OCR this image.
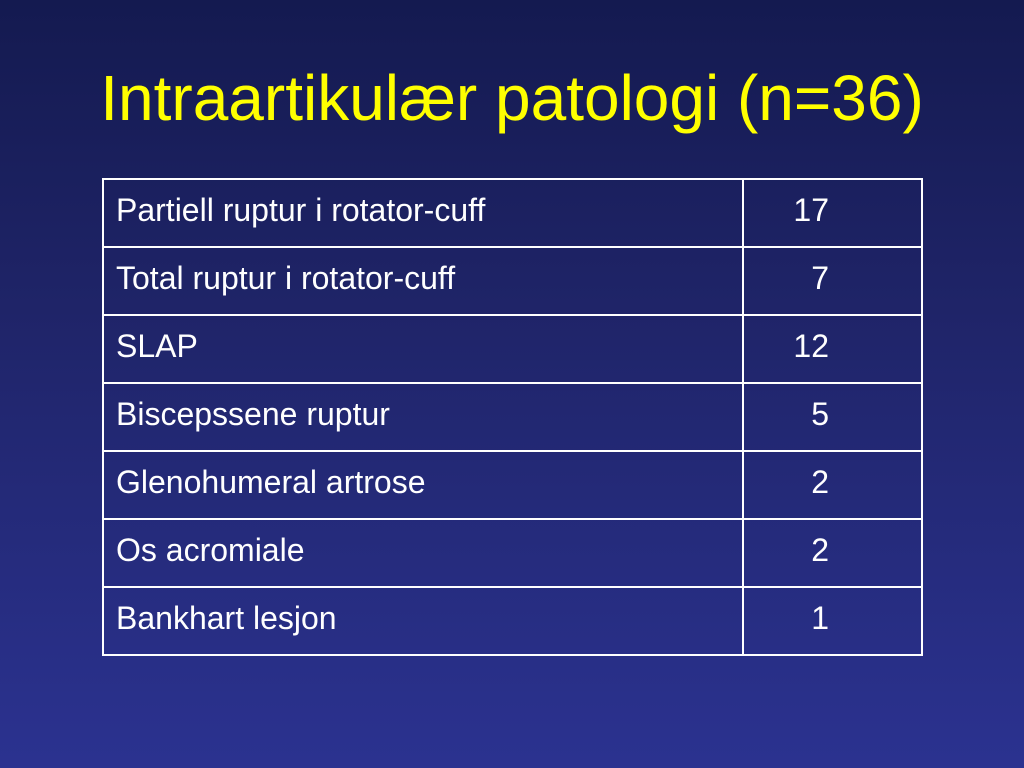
Intraartikulær patologi (n=36)
Partiell ruptur i rotator-cuff	17
Total ruptur i rotator-cuff	7
SLAP	12
Biscepssene ruptur	5
Glenohumeral artrose	2
Os acromiale	2
Bankhart lesjon	1
